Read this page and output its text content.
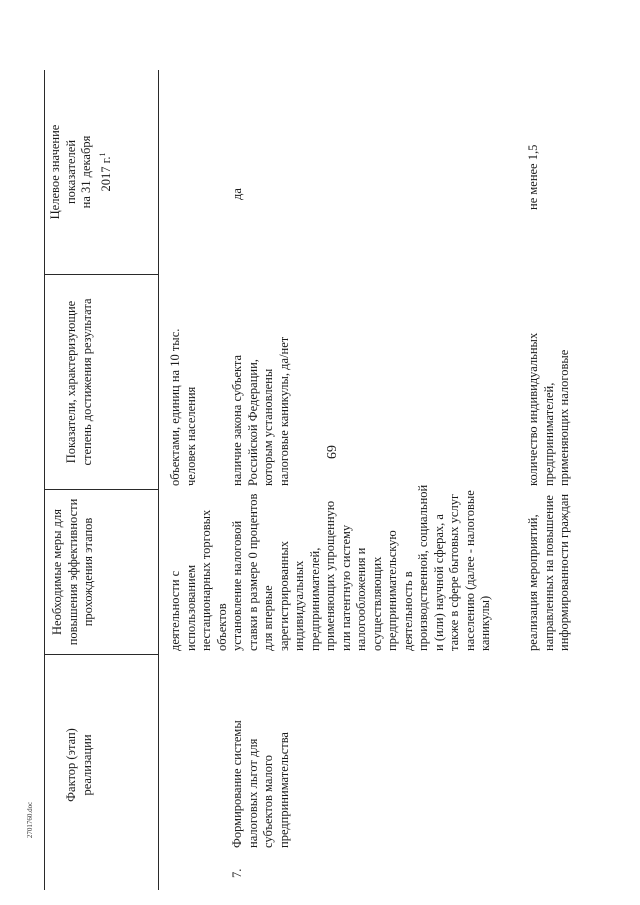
69
2701760.doc
Фактор (этап)
реализации
Необходимые меры для
повышения эффективности
прохождения этапов
Показатели, характеризующие
степень достижения результата
Целевое значение
показателей
на 31 декабря
2017 г.$^1$
деятельности с
использованием
нестационарных торговых
объектов
объектами, единиц на 10 тыс.
человек населения
7.
Формирование системы
налоговых льгот для
субъектов малого
предпринимательства
установление налоговой
ставки в размере 0 процентов
для впервые
зарегистрированных
индивидуальных
предпринимателей,
применяющих упрощенную
или патентную систему
налогообложения и
осуществляющих
предпринимательскую
деятельность в
производственной, социальной
и (или) научной сферах, а
также в сфере бытовых услуг
населению (далее - налоговые
каникулы)
наличие закона субъекта
Российской Федерации,
которым установлены
налоговые каникулы, да/нет
да
реализация мероприятий,
направленных на повышение
информированности граждан
количество индивидуальных
предпринимателей,
применяющих налоговые
не менее 1,5
